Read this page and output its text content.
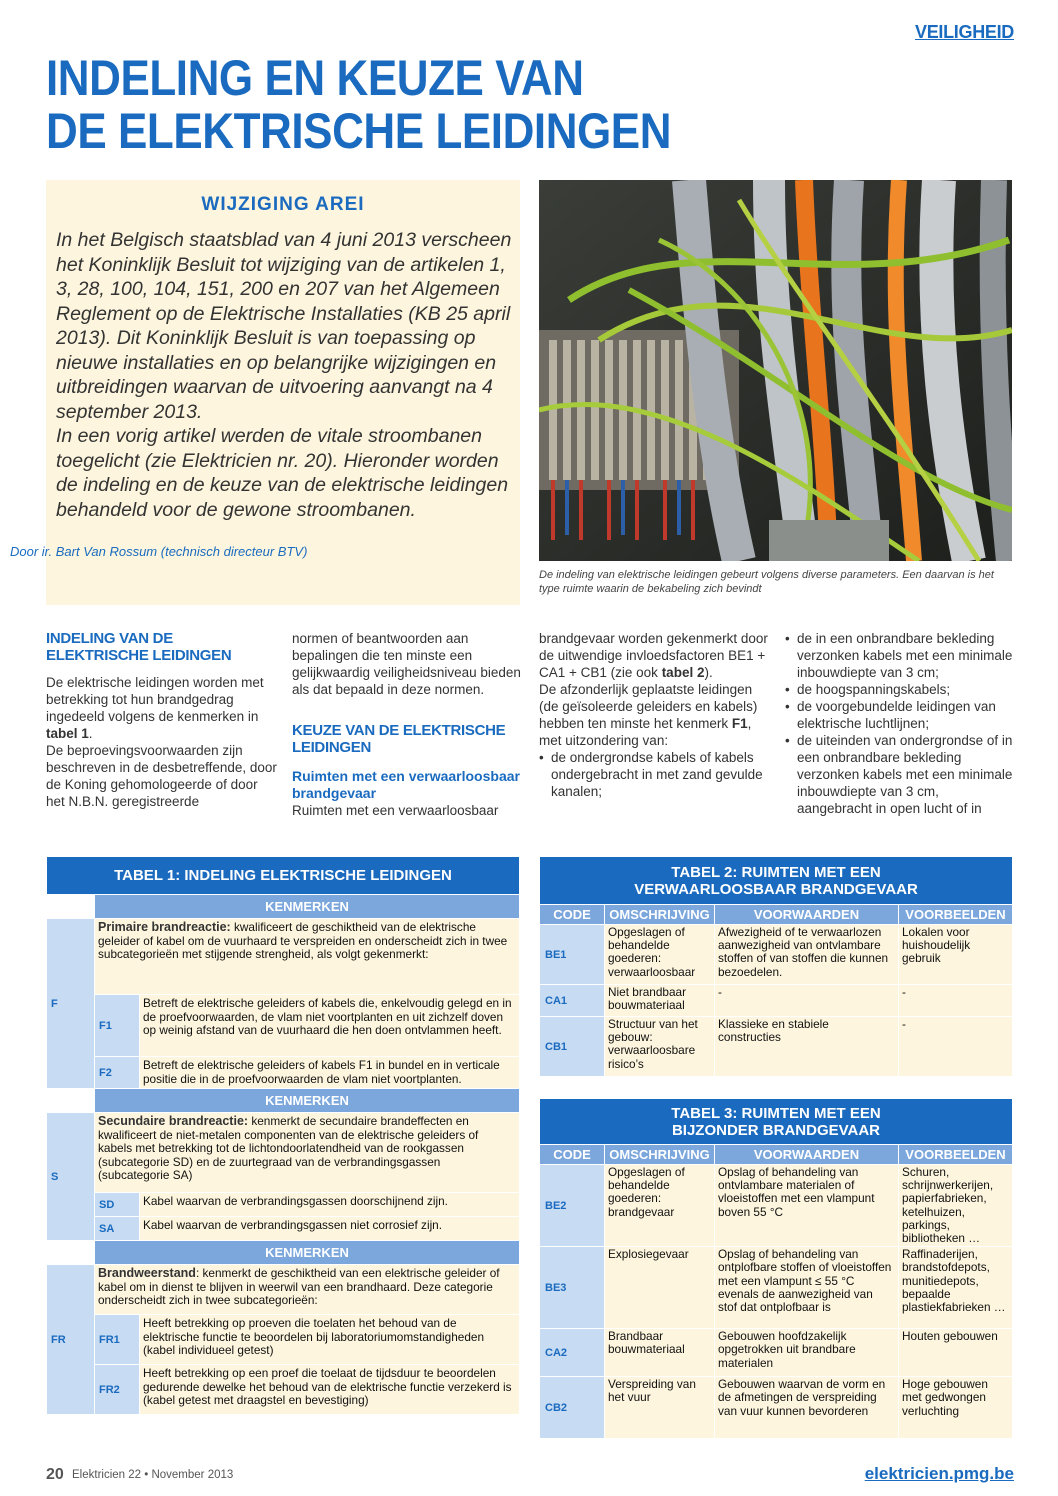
VEILIGHEID
INDELING EN KEUZE VAN
DE ELEKTRISCHE LEIDINGEN
WIJZIGING AREI

In het Belgisch staatsblad van 4 juni 2013 verscheen het Koninklijk Besluit tot wijziging van de artikelen 1, 3, 28, 100, 104, 151, 200 en 207 van het Algemeen Reglement op de Elektrische Installaties (KB 25 april 2013). Dit Koninklijk Besluit is van toepassing op nieuwe installaties en op belangrijke wijzigingen en uitbreidingen waarvan de uitvoering aanvangt na 4 september 2013.

In een vorig artikel werden de vitale stroombanen toegelicht (zie Elektricien nr. 20). Hieronder worden de indeling en de keuze van de elektrische leidingen behandeld voor de gewone stroombanen.

Door ir. Bart Van Rossum (technisch directeur BTV)
De indeling van elektrische leidingen gebeurt volgens diverse parameters. Een daarvan is het type ruimte waarin de bekabeling zich bevindt
INDELING VAN DE ELEKTRISCHE LEIDINGEN

De elektrische leidingen worden met betrekking tot hun brandgedrag ingedeeld volgens de kenmerken in tabel 1.

De beproevingsvoorwaarden zijn beschreven in de desbetreffende, door de Koning gehomologeerde of door het N.B.N. geregistreerde

normen of beantwoorden aan bepalingen die ten minste een gelijkwaardig veiligheidsniveau bieden als dat bepaald in deze normen.

KEUZE VAN DE ELEKTRISCHE LEIDINGEN
Ruimten met een verwaarloosbaar brandgevaar

Ruimten met een verwaarloosbaar

brandgevaar worden gekenmerkt door de uitwendige invloedsfactoren BE1 + CA1 + CB1 (zie ook tabel 2).

De afzonderlijk geplaatste leidingen (de geïsoleerde geleiders en kabels) hebben ten minste het kenmerk F1, met uitzondering van:

• de ondergrondse kabels of kabels ondergebracht in met zand gevulde kanalen;
• de in een onbrandbare bekleding verzonken kabels met een minimale inbouwdiepte van 3 cm;
• de hoogspanningskabels;
• de voorgebundelde leidingen van elektrische luchtlijnen;
• de uiteinden van ondergrondse of in een onbrandbare bekleding verzonken kabels met een minimale inbouwdiepte van 3 cm, aangebracht in open lucht of in
TABEL 1: INDELING ELEKTRISCHE LEIDINGEN		
	KENMERKEN	
F	Primaire brandreactie: kwalificeert de geschiktheid van de elektrische geleider of kabel om de vuurhaard te verspreiden en onderscheidt zich in twee subcategorieën met stijgende strengheid, als volgt gekenmerkt:	
	F1	Betreft de elektrische geleiders of kabels die, enkelvoudig gelegd en in de proefvoorwaarden, de vlam niet voortplanten en uit zichzelf doven op weinig afstand van de vuurhaard die hen doen ontvlammen heeft.
	F2	Betreft de elektrische geleiders of kabels F1 in bundel en in verticale positie die in de proefvoorwaarden de vlam niet voortplanten.
	KENMERKEN	
S	Secundaire brandreactie: kenmerkt de secundaire brandeffecten en kwalificeert de niet-metalen componenten van de elektrische geleiders of kabels met betrekking tot de lichtondoorlatendheid van de rookgassen (subcategorie SD) en de zuurtegraad van de verbrandingsgassen (subcategorie SA)	
	SD	Kabel waarvan de verbrandingsgassen doorschijnend zijn.
	SA	Kabel waarvan de verbrandingsgassen niet corrosief zijn.
	KENMERKEN	
FR	Brandweerstand: kenmerkt de geschiktheid van een elektrische geleider of kabel om in dienst te blijven in weerwil van een brandhaard. Deze categorie onderscheidt zich in twee subcategorieën:	
	FR1	Heeft betrekking op proeven die toelaten het behoud van de elektrische functie te beoordelen bij laboratoriumomstandigheden (kabel individueel getest)
	FR2	Heeft betrekking op een proef die toelaat de tijdsduur te beoordelen gedurende dewelke het behoud van de elektrische functie verzekerd is (kabel getest met draagstel en bevestiging)
TABEL 2: RUIMTEN MET EEN
VERWAARLOOSBAAR BRANDGEVAAR			
CODE	OMSCHRIJVING	VOORWAARDEN	VOORBEELDEN
BE1	Opgeslagen of behandelde goederen: verwaarloosbaar	Afwezigheid of te verwaarlozen aanwezigheid van ontvlambare stoffen of van stoffen die kunnen bezoedelen.	Lokalen voor huishoudelijk gebruik
CA1	Niet brandbaar bouwmateriaal	-	-
CB1	Structuur van het gebouw: verwaarloosbare risico’s	Klassieke en stabiele constructies	-
TABEL 3: RUIMTEN MET EEN
BIJZONDER BRANDGEVAAR			
CODE	OMSCHRIJVING	VOORWAARDEN	VOORBEELDEN
BE2	Opgeslagen of behandelde goederen: brandgevaar	Opslag of behandeling van ontvlambare materialen of vloeistoffen met een vlampunt boven 55 °C	Schuren, schrijnwerkerijen, papierfabrieken, ketelhuizen, parkings, bibliotheken …
BE3	Explosiegevaar	Opslag of behandeling van ontplofbare stoffen of vloeistoffen met een vlampunt ≤ 55 °C evenals de aanwezigheid van stof dat ontplofbaar is	Raffinaderijen, brandstofdepots, munitiedepots, bepaalde plastiekfabrieken …
CA2	Brandbaar bouwmateriaal	Gebouwen hoofdzakelijk opgetrokken uit brandbare materialen	Houten gebouwen
CB2	Verspreiding van het vuur	Gebouwen waarvan de vorm en de afmetingen de verspreiding van vuur kunnen bevorderen	Hoge gebouwen met gedwongen verluchting
20 Elektricien 22 • November 2013	elektricien.pmg.be
